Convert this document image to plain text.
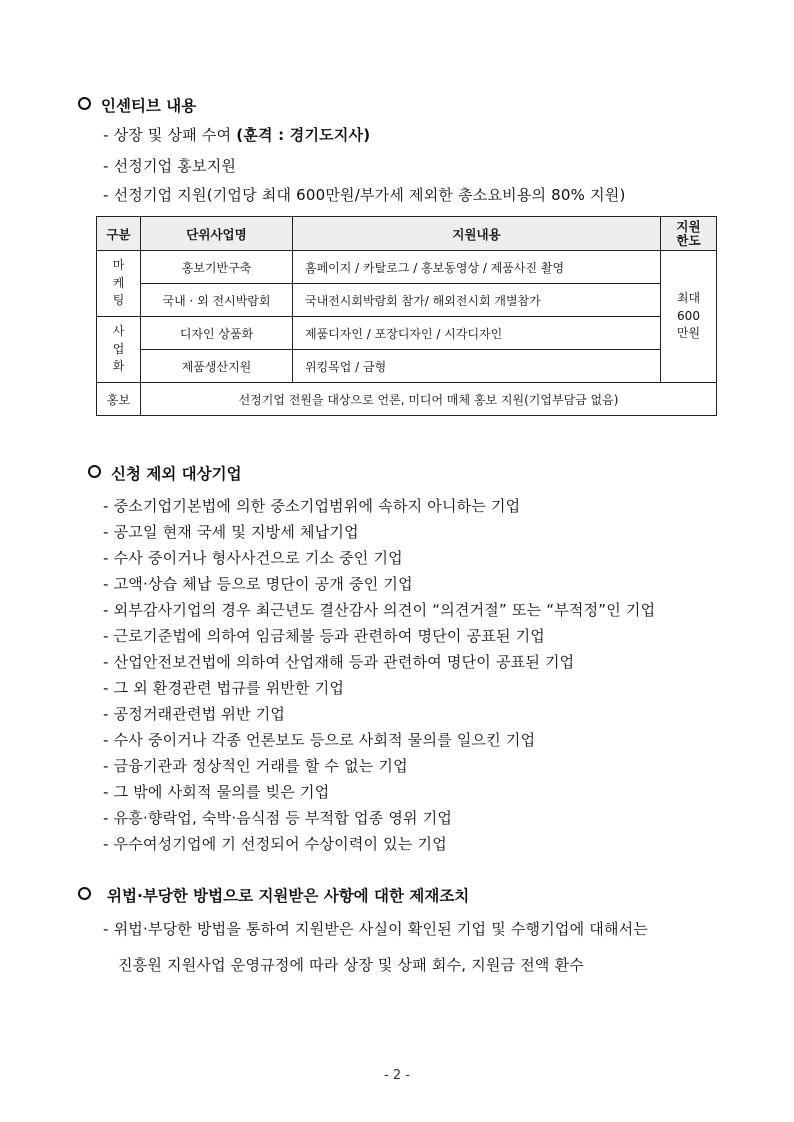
인센티브 내용
- 상장 및 상패 수여 (훈격 : 경기도지사)
- 선정기업 홍보지원
- 선정기업 지원(기업당 최대 600만원/부가세 제외한 총소요비용의 80% 지원)
구분	단위사업명	지원내용	지원
한도
마
케
팅	홍보기반구축	홈페이지 / 카탈로그 / 홍보동영상 / 제품사진 촬영	최대
600
만원
	국내 · 외 전시박람회	국내전시회박람회 참가/ 해외전시회 개별참가	
사
업
화	디자인 상품화	제품디자인 / 포장디자인 / 시각디자인	
	제품생산지원	위킹목업 / 금형	
홍보	선정기업 전원을 대상으로 언론, 미디어 매체 홍보 지원(기업부담금 없음)		
신청 제외 대상기업
- 중소기업기본법에 의한 중소기업범위에 속하지 아니하는 기업
- 공고일 현재 국세 및 지방세 체납기업
- 수사 중이거나 형사사건으로 기소 중인 기업
- 고액·상습 체납 등으로 명단이 공개 중인 기업
- 외부감사기업의 경우 최근년도 결산감사 의견이 “의견거절” 또는 “부적정”인 기업
- 근로기준법에 의하여 임금체불 등과 관련하여 명단이 공표된 기업
- 산업안전보건법에 의하여 산업재해 등과 관련하여 명단이 공표된 기업
- 그 외 환경관련 법규를 위반한 기업
- 공정거래관련법 위반 기업
- 수사 중이거나 각종 언론보도 등으로 사회적 물의를 일으킨 기업
- 금융기관과 정상적인 거래를 할 수 없는 기업
- 그 밖에 사회적 물의를 빚은 기업
- 유흥·향락업, 숙박·음식점 등 부적합 업종 영위 기업
- 우수여성기업에 기 선정되어 수상이력이 있는 기업
위법·부당한 방법으로 지원받은 사항에 대한 제재조치
- 위법·부당한 방법을 통하여 지원받은 사실이 확인된 기업 및 수행기업에 대해서는
진흥원 지원사업 운영규정에 따라 상장 및 상패 회수, 지원금 전액 환수
- 2 -
